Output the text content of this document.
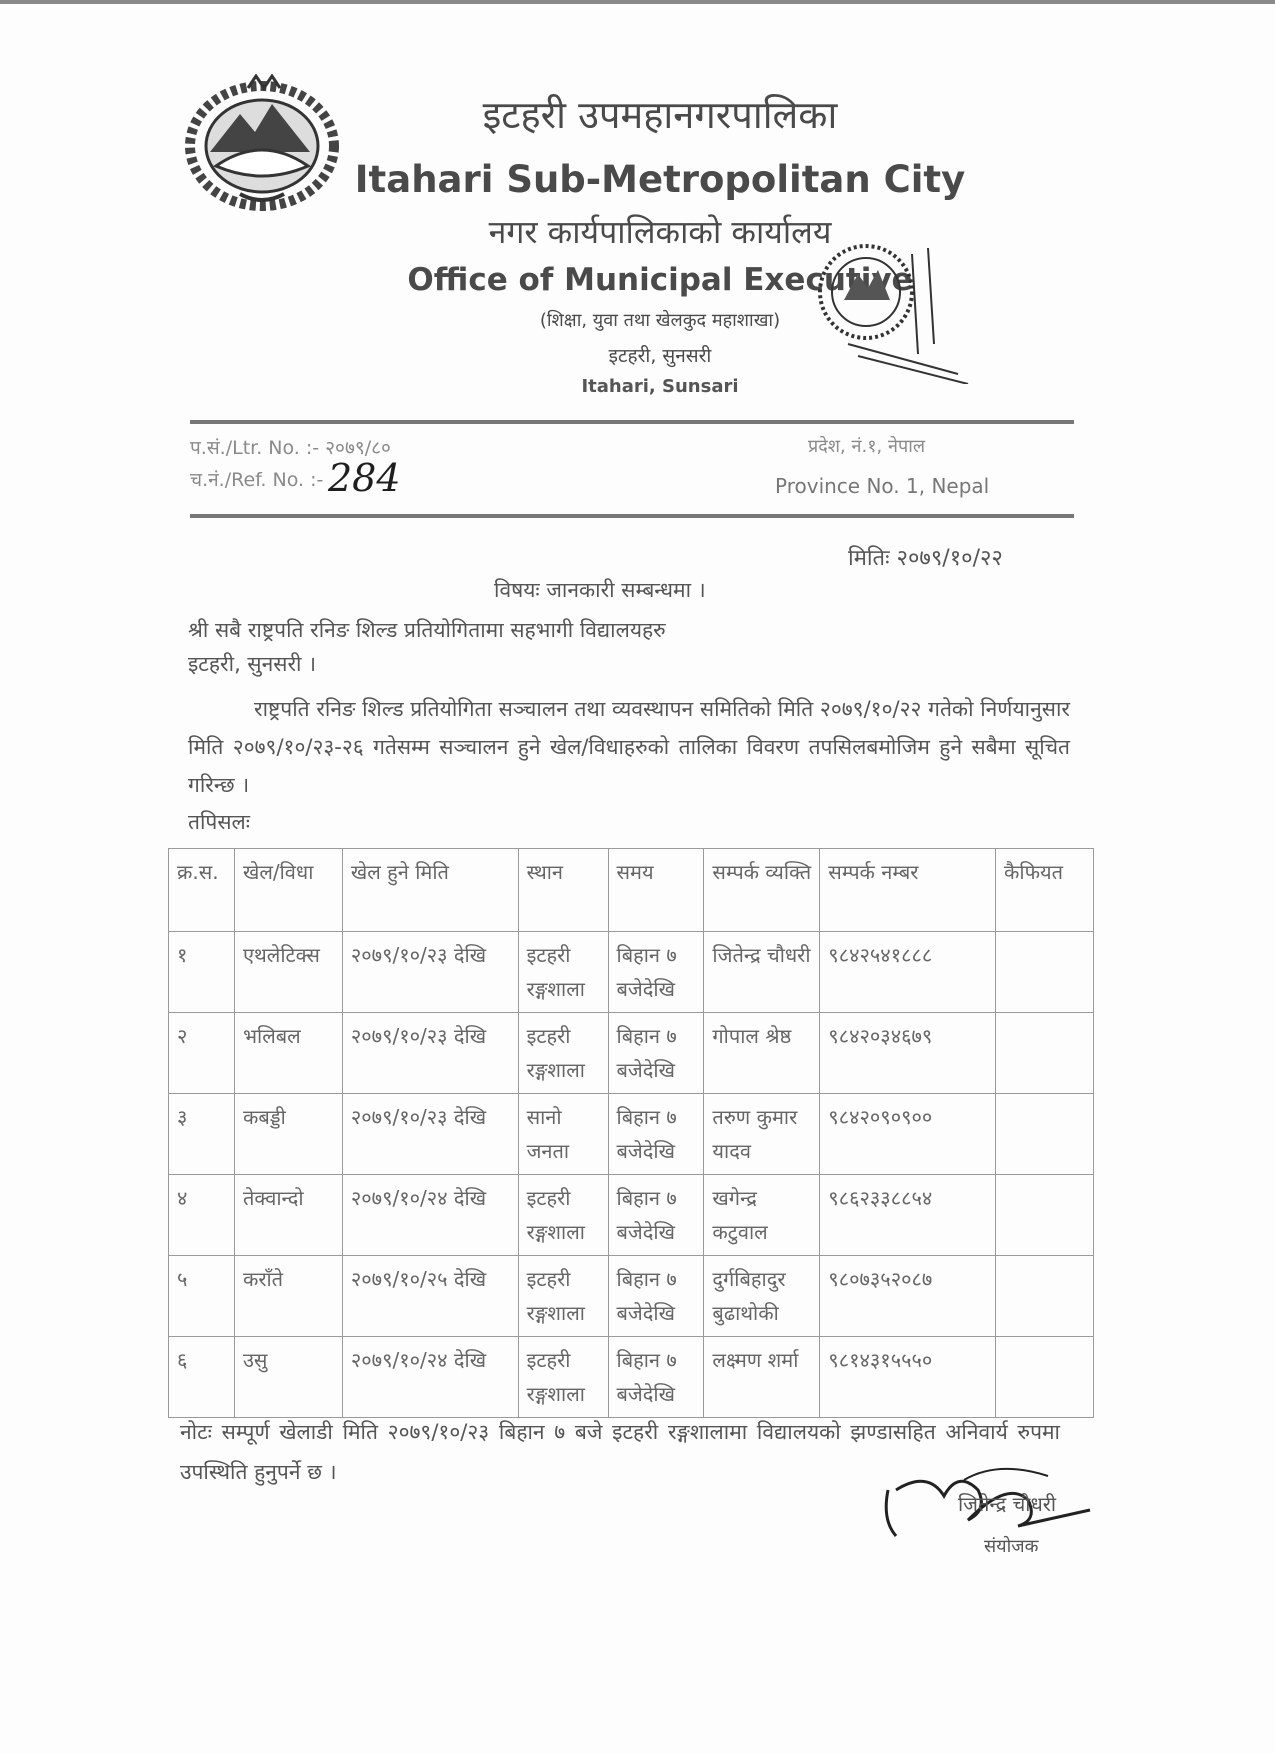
इटहरी उपमहानगरपालिका
Itahari Sub-Metropolitan City
नगर कार्यपालिकाको कार्यालय
Office of Municipal Executive
(शिक्षा, युवा तथा खेलकुद महाशाखा)
इटहरी, सुनसरी
Itahari, Sunsari
प.सं./Ltr. No. :- २०७९/८०
च.नं./Ref. No. :- 284
प्रदेश, नं.१, नेपाल
Province No. 1, Nepal
मितिः २०७९/१०/२२
विषयः जानकारी सम्बन्धमा ।
श्री सबै राष्ट्रपति रनिङ शिल्ड प्रतियोगितामा सहभागी विद्यालयहरु
इटहरी, सुनसरी ।
राष्ट्रपति रनिङ शिल्ड प्रतियोगिता सञ्चालन तथा व्यवस्थापन समितिको मिति २०७९/१०/२२ गतेको निर्णयानुसार मिति २०७९/१०/२३-२६ गतेसम्म सञ्चालन हुने खेल/विधाहरुको तालिका विवरण तपसिलबमोजिम हुने सबैमा सूचित गरिन्छ ।
तपिसलः
क्र.स.	खेल/विधा	खेल हुने मिति	स्थान	समय	सम्पर्क व्यक्ति	सम्पर्क नम्बर	कैफियत
१	एथलेटिक्स	२०७९/१०/२३ देखि	इटहरी रङ्गशाला	बिहान ७ बजेदेखि	जितेन्द्र चौधरी	९८४२५४१८८८	
२	भलिबल	२०७९/१०/२३ देखि	इटहरी रङ्गशाला	बिहान ७ बजेदेखि	गोपाल श्रेष्ठ	९८४२०३४६७९	
३	कबड्डी	२०७९/१०/२३ देखि	सानो जनता	बिहान ७ बजेदेखि	तरुण कुमार यादव	९८४२०९०९००	
४	तेक्वान्दो	२०७९/१०/२४ देखि	इटहरी रङ्गशाला	बिहान ७ बजेदेखि	खगेन्द्र कटुवाल	९८६२३३८८५४	
५	कराँते	२०७९/१०/२५ देखि	इटहरी रङ्गशाला	बिहान ७ बजेदेखि	दुर्गबिहादुर बुढाथोकी	९८०७३५२०८७	
६	उसु	२०७९/१०/२४ देखि	इटहरी रङ्गशाला	बिहान ७ बजेदेखि	लक्ष्मण शर्मा	९८१४३१५५५०	
नोटः सम्पूर्ण खेलाडी मिति २०७९/१०/२३ बिहान ७ बजे इटहरी रङ्गशालामा विद्यालयको झण्डासहित अनिवार्य रुपमा उपस्थिति हुनुपर्ने छ ।
जितेन्द्र चौधरी
संयोजक
